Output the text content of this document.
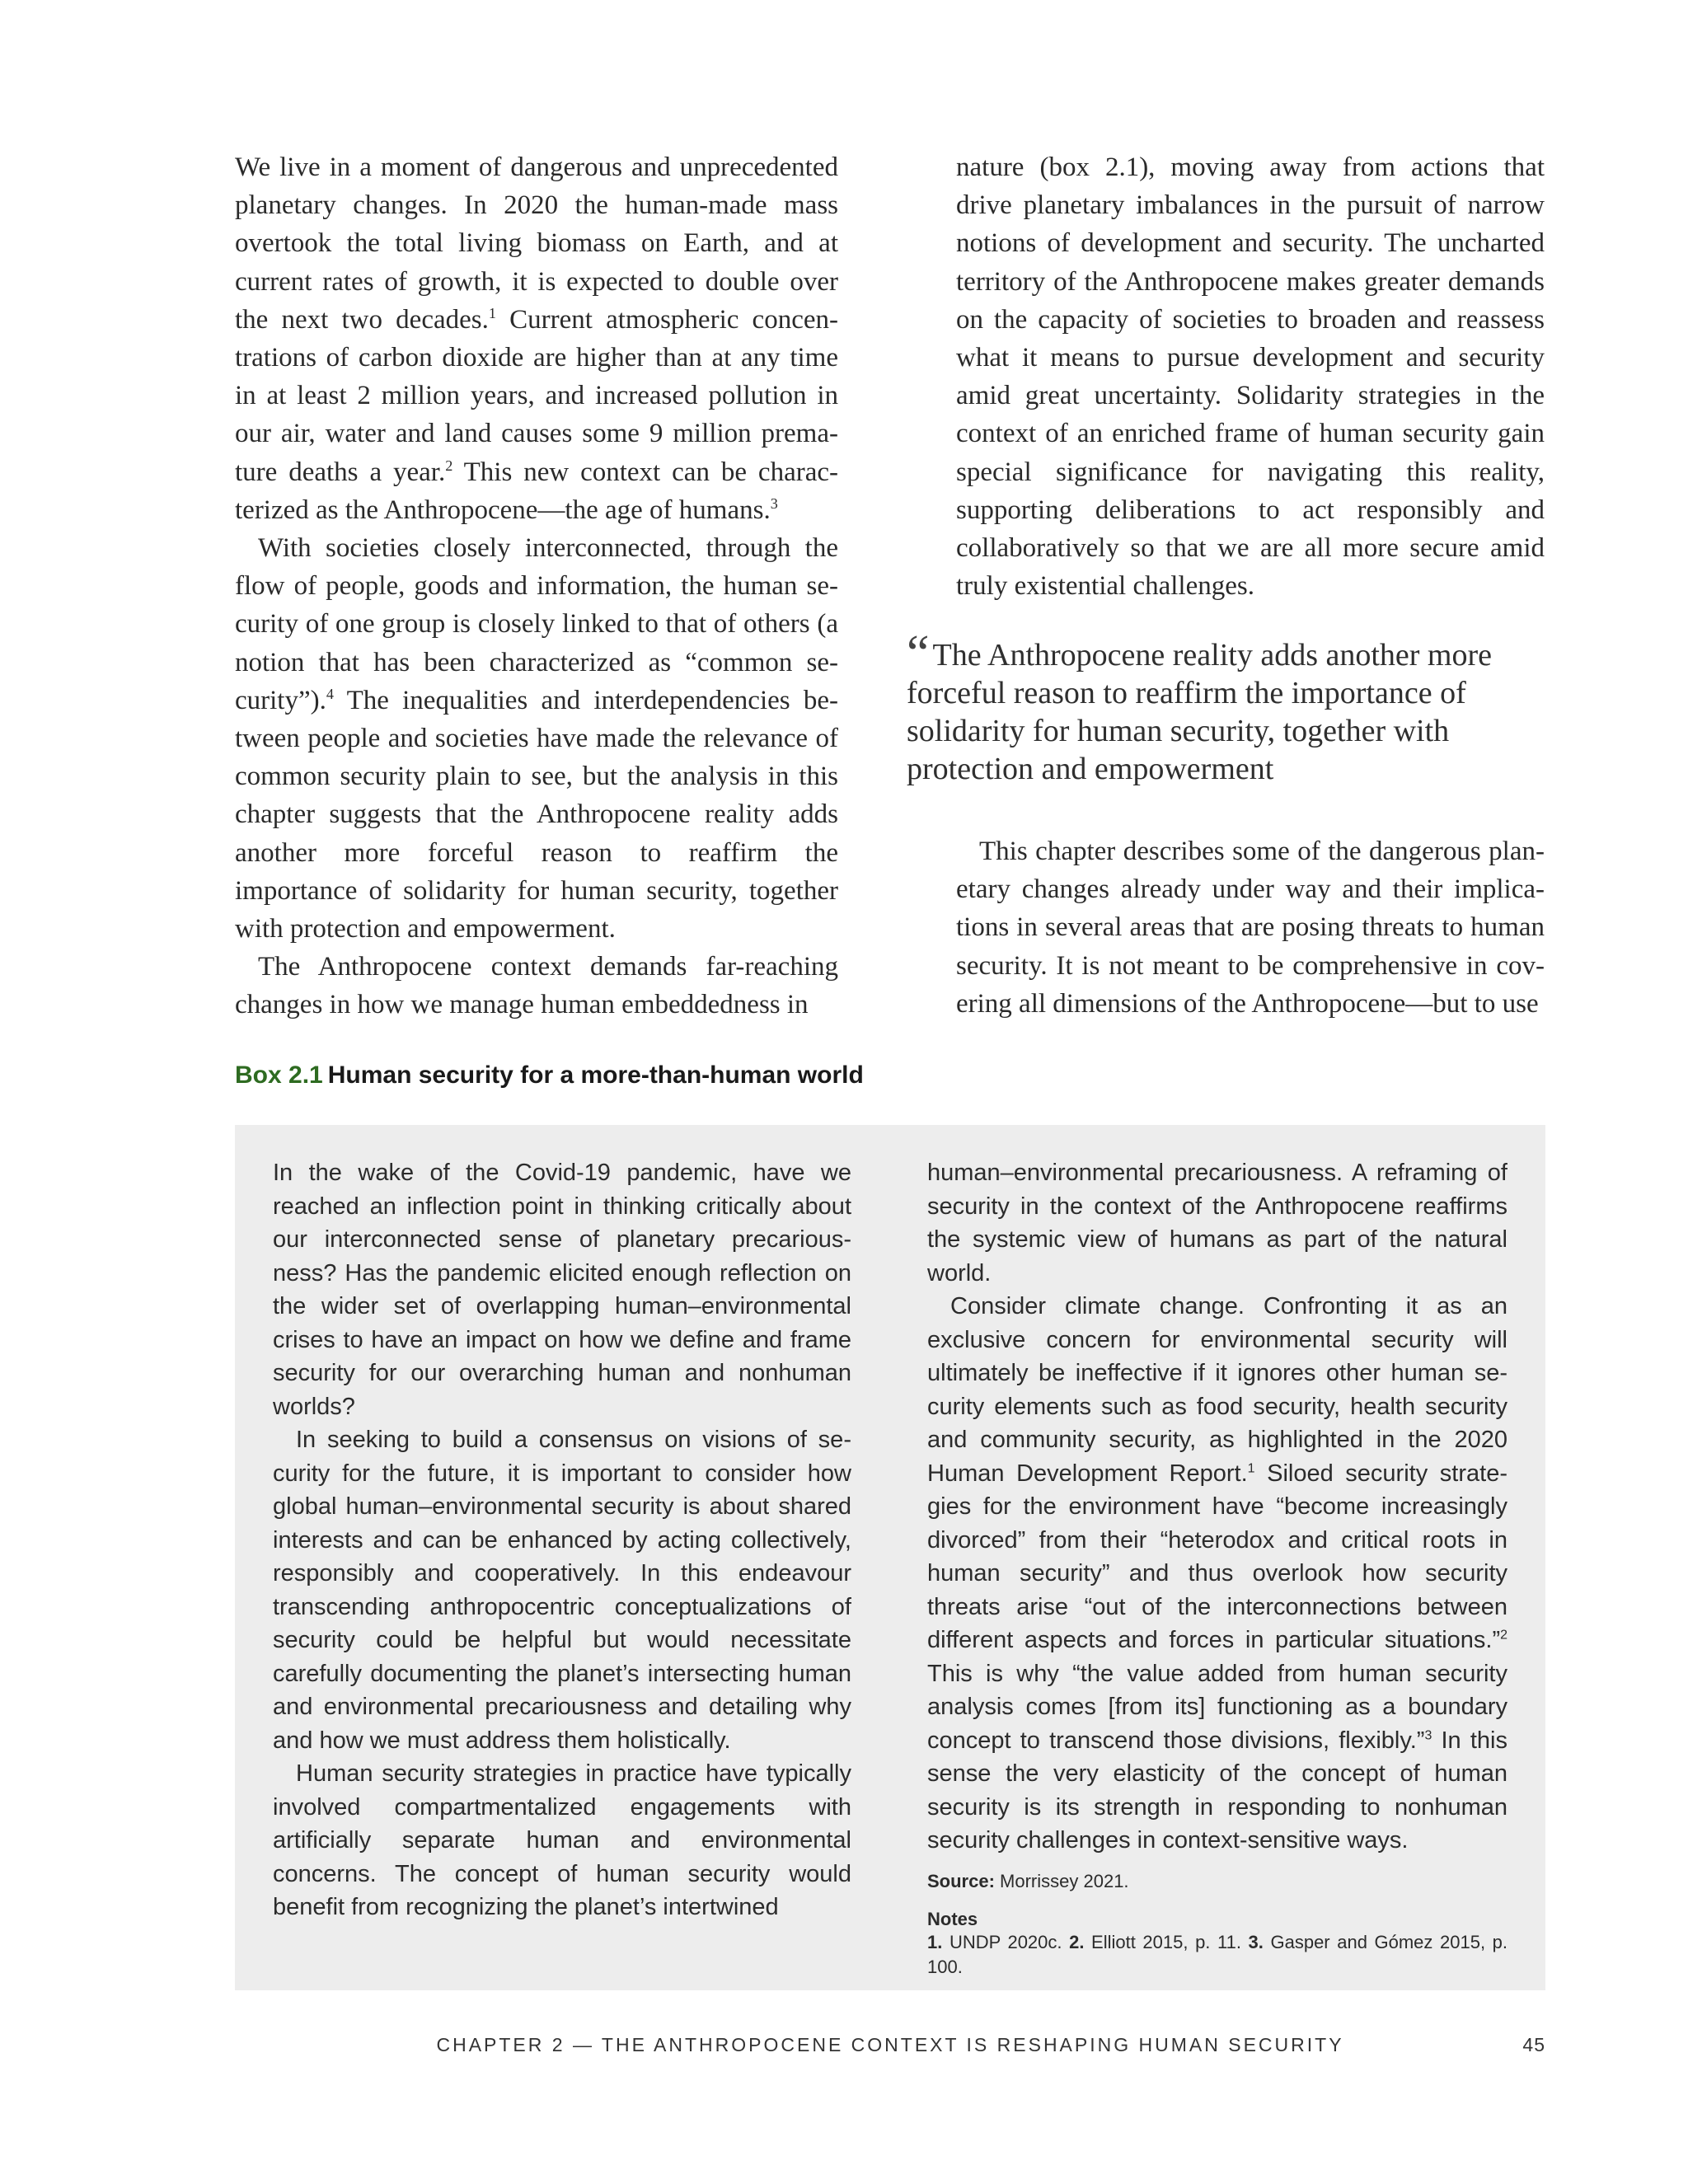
We live in a moment of dangerous and unprecedented planetary changes. In 2020 the human-made mass overtook the total living biomass on Earth, and at current rates of growth, it is expected to double over the next two decades.$^1$ Current atmospheric concentrations of carbon dioxide are higher than at any time in at least 2 million years, and increased pollution in our air, water and land causes some 9 million premature deaths a year.$^2$ This new context can be characterized as the Anthropocene—the age of humans.$^3$

With societies closely interconnected, through the flow of people, goods and information, the human security of one group is closely linked to that of others (a notion that has been characterized as “common security”).$^4$ The inequalities and interdependencies between people and societies have made the relevance of common security plain to see, but the analysis in this chapter suggests that the Anthropocene reality adds another more forceful reason to reaffirm the importance of solidarity for human security, together with protection and empowerment.

The Anthropocene context demands far-reaching changes in how we manage human embeddedness in

nature (box 2.1), moving away from actions that drive planetary imbalances in the pursuit of narrow notions of development and security. The uncharted territory of the Anthropocene makes greater demands on the capacity of societies to broaden and reassess what it means to pursue development and security amid great uncertainty. Solidarity strategies in the context of an enriched frame of human security gain special significance for navigating this reality, supporting deliberations to act responsibly and collaboratively so that we are all more secure amid truly existential challenges.

“ The Anthropocene reality adds another more forceful reason to reaffirm the importance of solidarity for human security, together with protection and empowerment

This chapter describes some of the dangerous planetary changes already under way and their implications in several areas that are posing threats to human security. It is not meant to be comprehensive in covering all dimensions of the Anthropocene—but to use

Box 2.1 Human security for a more-than-human world

In the wake of the Covid-19 pandemic, have we reached an inflection point in thinking critically about our interconnected sense of planetary precariousness? Has the pandemic elicited enough reflection on the wider set of overlapping human–environmental crises to have an impact on how we define and frame security for our overarching human and nonhuman worlds?

In seeking to build a consensus on visions of security for the future, it is important to consider how global human–environmental security is about shared interests and can be enhanced by acting collectively, responsibly and cooperatively. In this endeavour transcending anthropocentric conceptualizations of security could be helpful but would necessitate carefully documenting the planet’s intersecting human and environmental precariousness and detailing why and how we must address them holistically.

Human security strategies in practice have typically involved compartmentalized engagements with artificially separate human and environmental concerns. The concept of human security would benefit from recognizing the planet’s intertwined

human–environmental precariousness. A reframing of security in the context of the Anthropocene reaffirms the systemic view of humans as part of the natural world.

Consider climate change. Confronting it as an exclusive concern for environmental security will ultimately be ineffective if it ignores other human security elements such as food security, health security and community security, as highlighted in the 2020 Human Development Report.$^1$ Siloed security strategies for the environment have “become increasingly divorced” from their “heterodox and critical roots in human security” and thus overlook how security threats arise “out of the interconnections between different aspects and forces in particular situations.”$^2$ This is why “the value added from human security analysis comes [from its] functioning as a boundary concept to transcend those divisions, flexibly.”$^3$ In this sense the very elasticity of the concept of human security is its strength in responding to nonhuman security challenges in context-sensitive ways.

Source: Morrissey 2021.

Notes

1. UNDP 2020c. 2. Elliott 2015, p. 11. 3. Gasper and Gómez 2015, p. 100.

CHAPTER 2 — THE ANTHROPOCENE CONTEXT IS RESHAPING HUMAN SECURITY	45
